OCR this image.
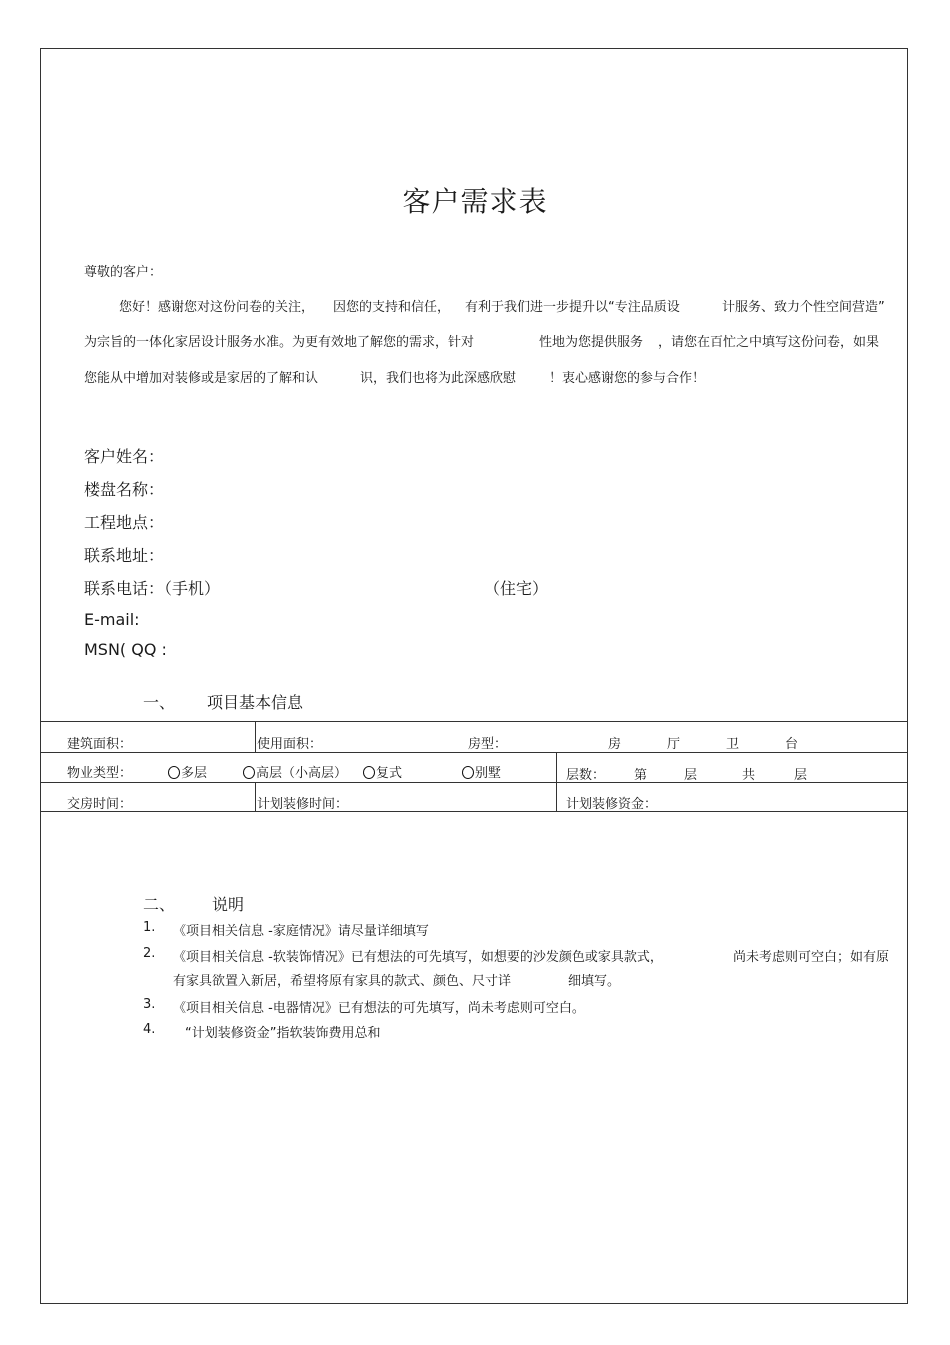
客户需求表
尊敬的客户：
您好！感谢您对这份问卷的关注， 因您的支持和信任， 有利于我们进一步提升以“专注品质设	计服务、致力个性空间营造”
为宗旨的一体化家居设计服务水准。为更有效地了解您的需求，针对	性地为您提供服务 ，请您在百忙之中填写这份问卷，如果
您能从中增加对装修或是家居的了解和认	识，我们也将为此深感欣慰	！衷心感谢您的参与合作！
客户姓名：
楼盘名称：
工程地点：
联系地址：
联系电话：（手机）	（住宅）
E-mail:
MSN( QQ :
一、 项目基本信息
建筑面积：	使用面积：	房型：	房	厅	卫	台
物业类型：	多层	高层（小高层）	复式	别墅	层数： 第	层	共	层
交房时间：	计划装修时间：	计划装修资金：
二、 说明
1. 《项目相关信息 -家庭情况》请尽量详细填写
2. 《项目相关信息 -软装饰情况》已有想法的可先填写，如想要的沙发颜色或家具款式，	尚未考虑则可空白；如有原
有家具欲置入新居，希望将原有家具的款式、颜色、尺寸详	细填写。
3. 《项目相关信息 -电器情况》已有想法的可先填写，尚未考虑则可空白。
4. “计划装修资金”指软装饰费用总和
